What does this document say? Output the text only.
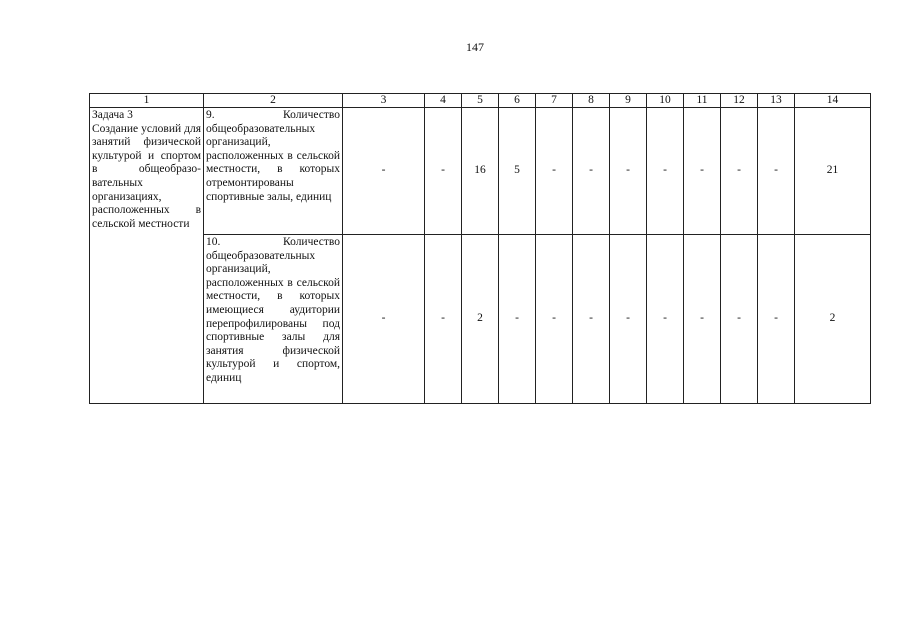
147
1	2	3	4	5	6	7	8	9	10	11	12	13	14

Задача 3
Создание условий для занятий физической культурой и спортом в общеобразо-вательных организациях, расположенных в сельской местности	9. Количество общеобразовательных организаций, расположенных в сельской местности, в которых отремонтированы спортивные залы, единиц	-	-	16	5	-	-	-	-	-	-	-	21
	10. Количество общеобразовательных организаций, расположенных в сельской местности, в которых имеющиеся аудитории перепрофилированы под спортивные залы для занятия физической культурой и спортом, единиц	-	-	2	-	-	-	-	-	-	-	-	2
